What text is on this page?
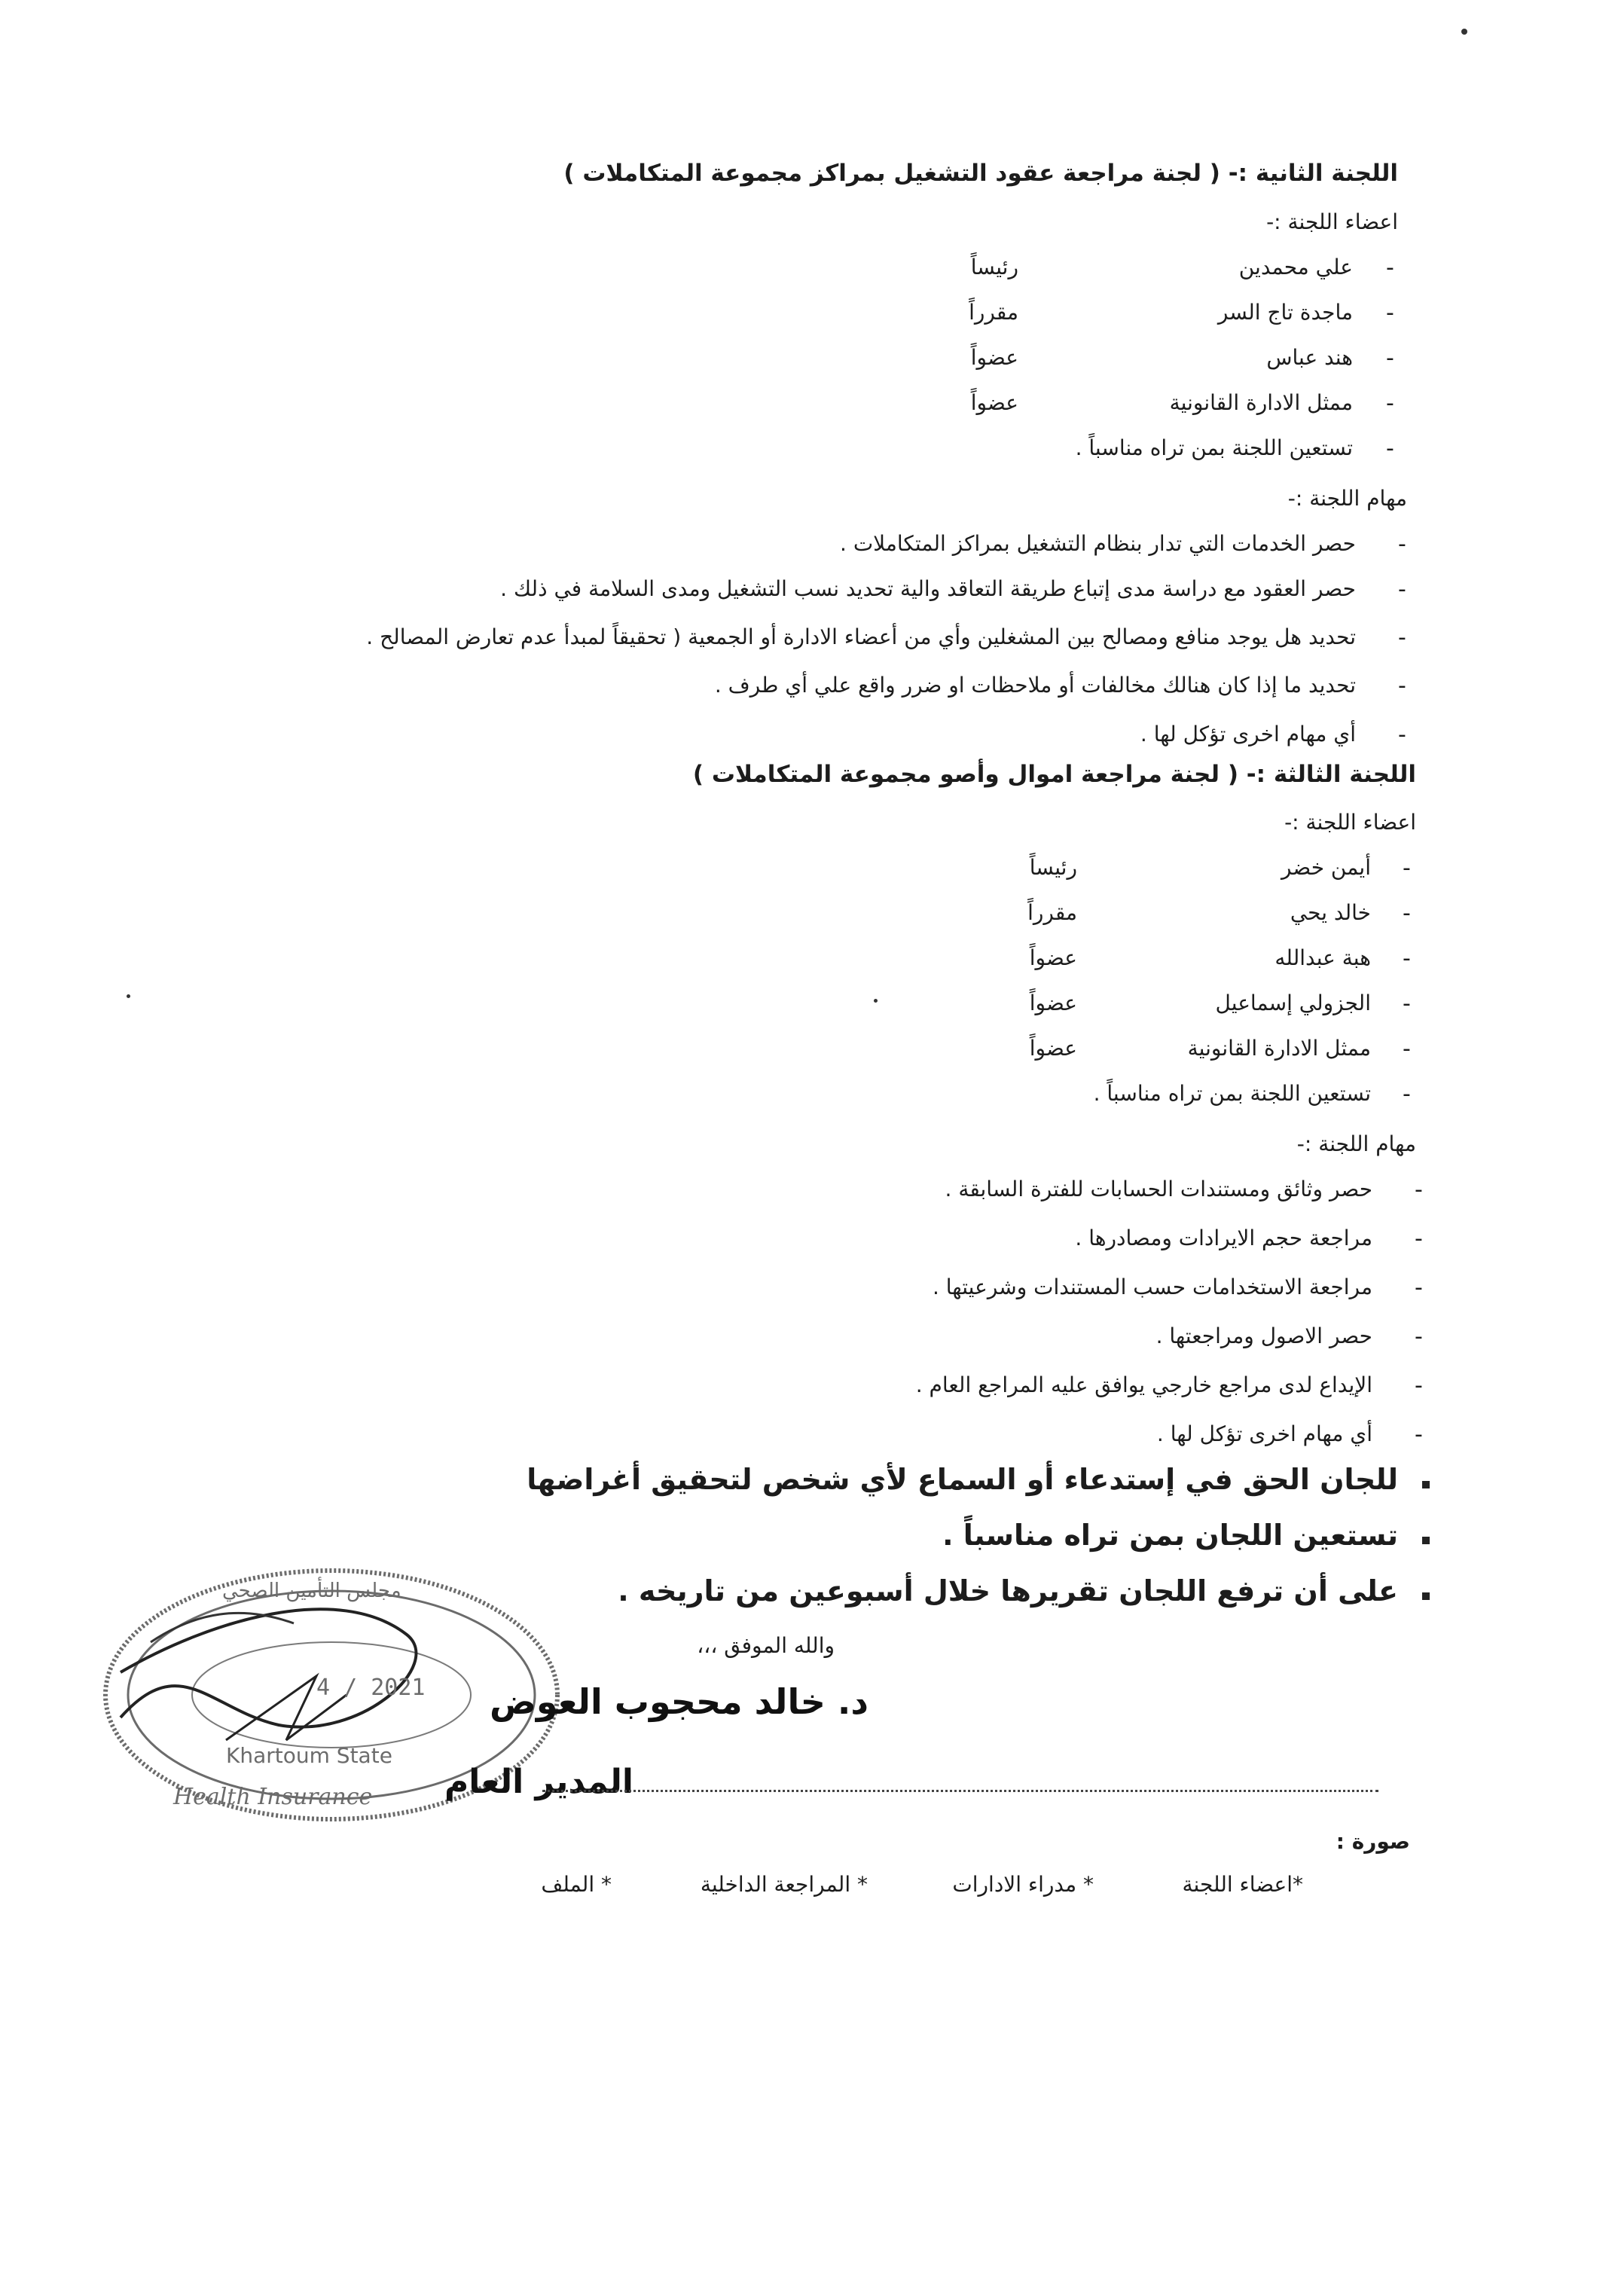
اللجنة الثانية :- ( لجنة مراجعة عقود التشغيل بمراكز مجموعة المتكاملات )
اعضاء اللجنة :-
-
علي محمدين
رئيساً
-
ماجدة تاج السر
مقرراً
-
هند عباس
عضواً
-
ممثل الادارة القانونية
عضواً
-
تستعين اللجنة بمن تراه مناسباً .
مهام اللجنة :-
-
حصر الخدمات التي تدار بنظام التشغيل بمراكز المتكاملات .
-
حصر العقود مع دراسة مدى إتباع طريقة التعاقد والية تحديد نسب التشغيل ومدى السلامة في ذلك .
-
تحديد هل يوجد منافع ومصالح بين المشغلين وأي من أعضاء الادارة أو الجمعية ( تحقيقاً لمبدأ عدم تعارض المصالح .
-
تحديد ما إذا كان هنالك مخالفات أو ملاحظات او ضرر واقع علي أي طرف .
-
أي مهام اخرى تؤكل لها .
اللجنة الثالثة :- ( لجنة مراجعة اموال وأصو مجموعة المتكاملات )
اعضاء اللجنة :-
-
أيمن خضر
رئيساً
-
خالد يحي
مقرراً
-
هبة عبدالله
عضواً
-
الجزولي إسماعيل
عضواً
-
ممثل الادارة القانونية
عضواً
-
تستعين اللجنة بمن تراه مناسباً .
مهام اللجنة :-
-
حصر وثائق ومستندات الحسابات للفترة السابقة .
-
مراجعة حجم الايرادات ومصادرها .
-
مراجعة الاستخدامات حسب المستندات وشرعيتها .
-
حصر الاصول ومراجعتها .
-
الإيداع لدى مراجع خارجي يوافق عليه المراجع العام .
-
أي مهام اخرى تؤكل لها .
للجان الحق في إستدعاء أو السماع لأي شخص لتحقيق أغراضها
تستعين اللجان بمن تراه مناسباً .
على أن ترفع اللجان تقريرها خلال أسبوعين من تاريخه .
والله الموفق ،،،
مجلس التأمين الصحي
4 / 2021
Khartoum State
Health Insurance
د. خالد محجوب العوض
المدير العام
صورة :
*اعضاء اللجنة
* مدراء الادارات
* المراجعة الداخلية
* الملف
